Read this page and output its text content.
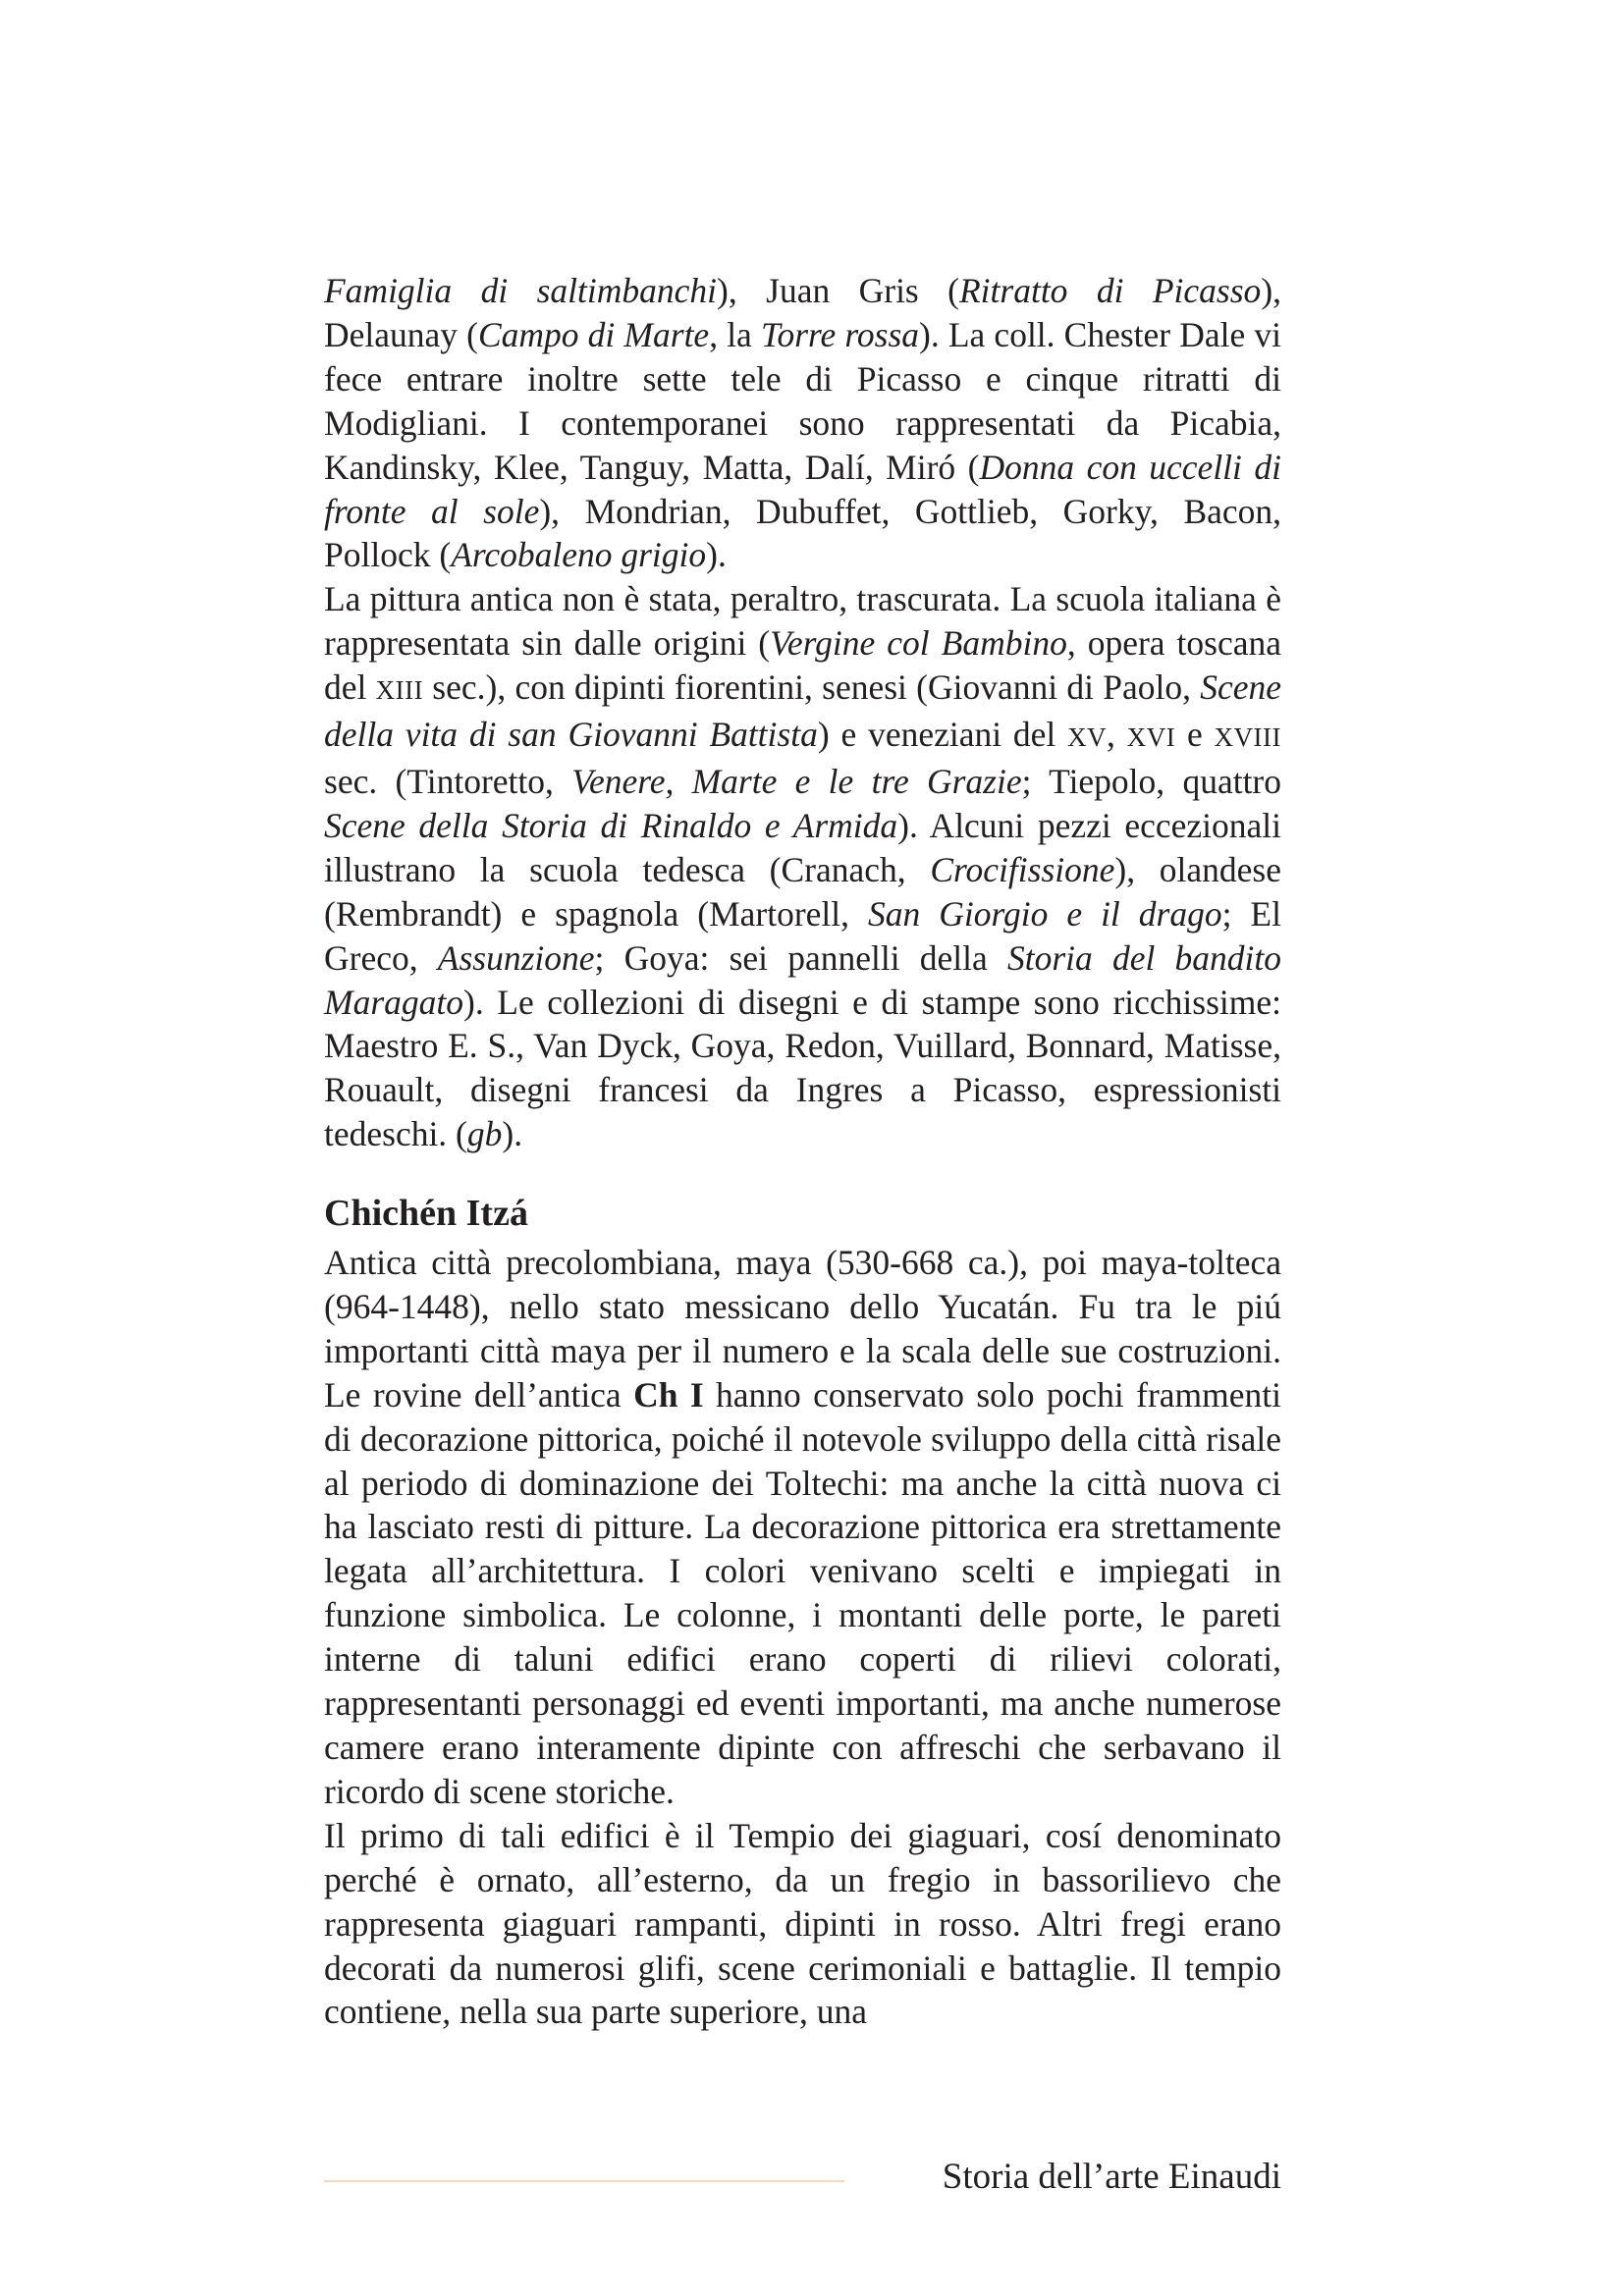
Famiglia di saltimbanchi), Juan Gris (Ritratto di Picasso), Delaunay (Campo di Marte, la Torre rossa). La coll. Chester Dale vi fece entrare inoltre sette tele di Picasso e cinque ritratti di Modigliani. I contemporanei sono rappresentati da Picabia, Kandinsky, Klee, Tanguy, Matta, Dalí, Miró (Donna con uccelli di fronte al sole), Mondrian, Dubuffet, Gottlieb, Gorky, Bacon, Pollock (Arcobaleno grigio).

La pittura antica non è stata, peraltro, trascurata. La scuola italiana è rappresentata sin dalle origini (Vergine col Bambino, opera toscana del XIII sec.), con dipinti fiorentini, senesi (Giovanni di Paolo, Scene della vita di san Giovanni Battista) e veneziani del XV, XVI e XVIII sec. (Tintoretto, Venere, Marte e le tre Grazie; Tiepolo, quattro Scene della Storia di Rinaldo e Armida). Alcuni pezzi eccezionali illustrano la scuola tedesca (Cranach, Crocifissione), olandese (Rembrandt) e spagnola (Martorell, San Giorgio e il drago; El Greco, Assunzione; Goya: sei pannelli della Storia del bandito Maragato). Le collezioni di disegni e di stampe sono ricchissime: Maestro E. S., Van Dyck, Goya, Redon, Vuillard, Bonnard, Matisse, Rouault, disegni francesi da Ingres a Picasso, espressionisti tedeschi. (gb).

Chichén Itzá

Antica città precolombiana, maya (530-668 ca.), poi maya-tolteca (964-1448), nello stato messicano dello Yucatán. Fu tra le piú importanti città maya per il numero e la scala delle sue costruzioni. Le rovine dell’antica Ch I hanno conservato solo pochi frammenti di decorazione pittorica, poiché il notevole sviluppo della città risale al periodo di dominazione dei Toltechi: ma anche la città nuova ci ha lasciato resti di pitture. La decorazione pittorica era strettamente legata all’architettura. I colori venivano scelti e impiegati in funzione simbolica. Le colonne, i montanti delle porte, le pareti interne di taluni edifici erano coperti di rilievi colorati, rappresentanti personaggi ed eventi importanti, ma anche numerose camere erano interamente dipinte con affreschi che serbavano il ricordo di scene storiche.

Il primo di tali edifici è il Tempio dei giaguari, cosí denominato perché è ornato, all’esterno, da un fregio in bassorilievo che rappresenta giaguari rampanti, dipinti in rosso. Altri fregi erano decorati da numerosi glifi, scene cerimoniali e battaglie. Il tempio contiene, nella sua parte superiore, una

Storia dell’arte Einaudi
